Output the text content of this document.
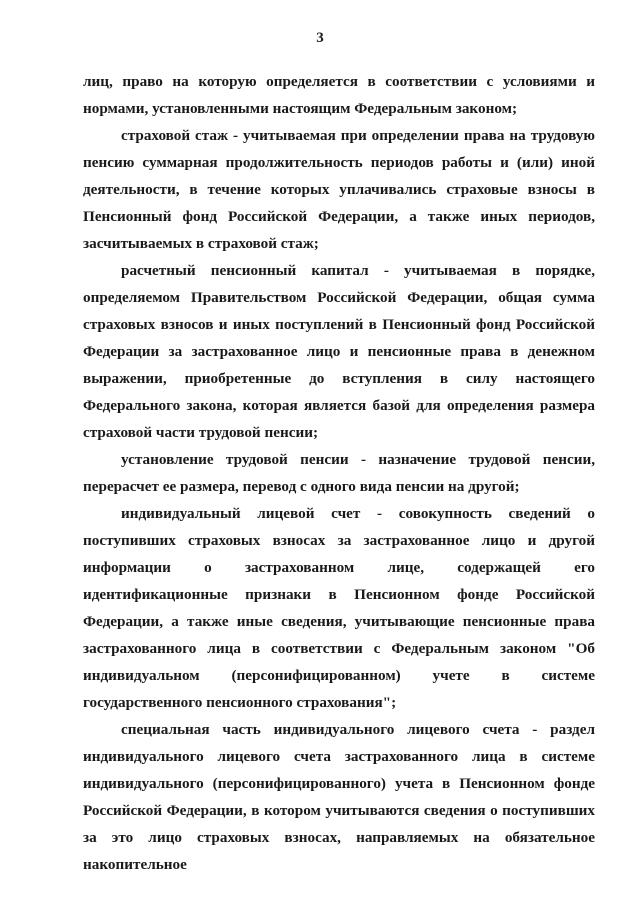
3

лиц, право на которую определяется в соответствии с условиями и нормами, установленными настоящим Федеральным законом;

страховой стаж - учитываемая при определении права на трудовую пенсию суммарная продолжительность периодов работы и (или) иной деятельности, в течение которых уплачивались страховые взносы в Пенсионный фонд Российской Федерации, а также иных периодов, засчитываемых в страховой стаж;

расчетный пенсионный капитал - учитываемая в порядке, определяемом Правительством Российской Федерации, общая сумма страховых взносов и иных поступлений в Пенсионный фонд Российской Федерации за застрахованное лицо и пенсионные права в денежном выражении, приобретенные до вступления в силу настоящего Федерального закона, которая является базой для определения размера страховой части трудовой пенсии;

установление трудовой пенсии - назначение трудовой пенсии, перерасчет ее размера, перевод с одного вида пенсии на другой;

индивидуальный лицевой счет - совокупность сведений о поступивших страховых взносах за застрахованное лицо и другой информации о застрахованном лице, содержащей его идентификационные признаки в Пенсионном фонде Российской Федерации, а также иные сведения, учитывающие пенсионные права застрахованного лица в соответствии с Федеральным законом "Об индивидуальном (персонифицированном) учете в системе государственного пенсионного страхования";

специальная часть индивидуального лицевого счета - раздел индивидуального лицевого счета застрахованного лица в системе индивидуального (персонифицированного) учета в Пенсионном фонде Российской Федерации, в котором учитываются сведения о поступивших за это лицо страховых взносах, направляемых на обязательное накопительное
